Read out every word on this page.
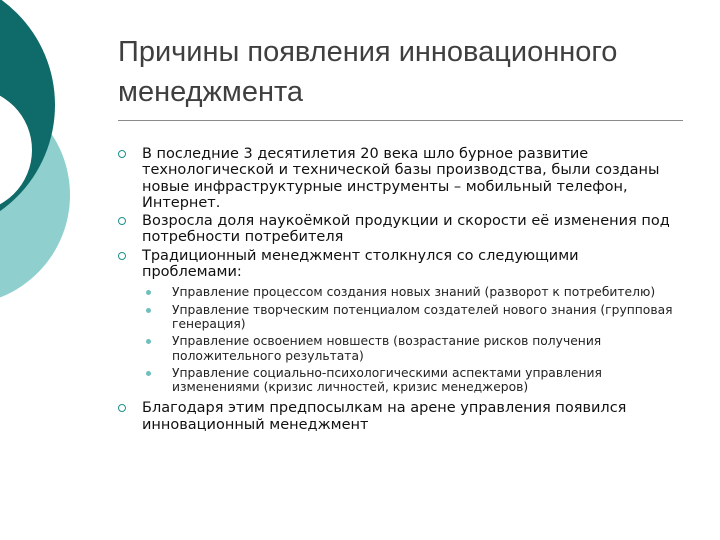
Причины появления инновационного
менеджмента
В последние 3 десятилетия 20 века шло бурное развитие технологической и технической базы производства, были созданы новые инфраструктурные инструменты – мобильный телефон, Интернет.
Возросла доля наукоёмкой продукции и скорости её изменения под потребности потребителя
Традиционный менеджмент столкнулся со следующими проблемами:
Управление процессом создания новых знаний (разворот к потребителю)
Управление творческим потенциалом создателей нового знания (групповая генерация)
Управление освоением новшеств (возрастание рисков получения положительного результата)
Управление социально-психологическими аспектами управления изменениями (кризис личностей, кризис менеджеров)
Благодаря этим предпосылкам на арене управления появился инновационный менеджмент
